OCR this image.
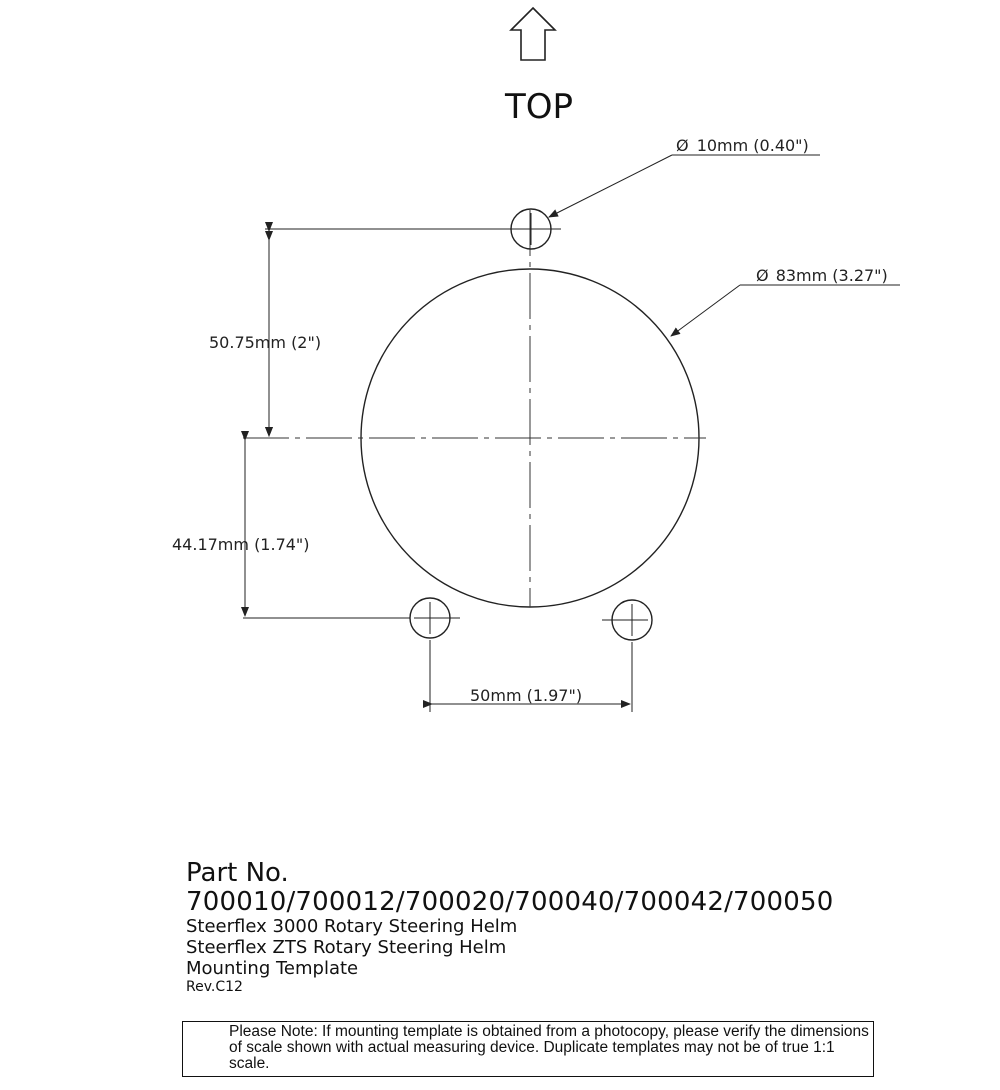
TOP
Ø 10mm (0.40")
Ø 83mm (3.27")
50.75mm (2")
44.17mm (1.74")
50mm (1.97")
Part No.
700010/700012/700020/700040/700042/700050
Steerflex 3000 Rotary Steering Helm
Steerflex ZTS Rotary Steering Helm
Mounting Template
Rev.C12
Please Note: If mounting template is obtained from a photocopy, please verify the dimensions of scale shown with actual measuring device. Duplicate templates may not be of true 1:1 scale.
